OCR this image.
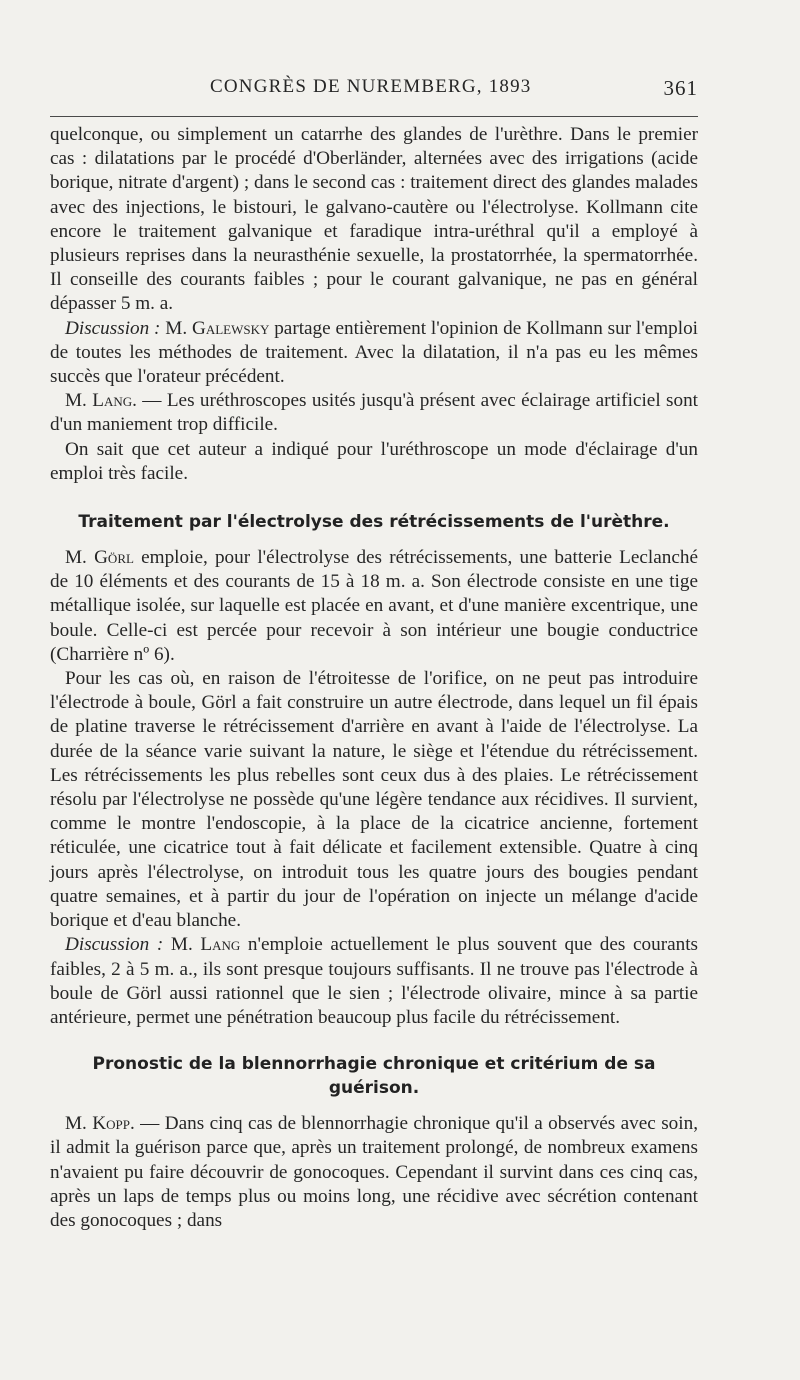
CONGRÈS DE NUREMBERG, 1893	361

quelconque, ou simplement un catarrhe des glandes de l'urèthre. Dans le premier cas : dilatations par le procédé d'Oberländer, alternées avec des irrigations (acide borique, nitrate d'argent) ; dans le second cas : traitement direct des glandes malades avec des injections, le bistouri, le galvano-cautère ou l'électrolyse. Kollmann cite encore le traitement galvanique et faradique intra-uréthral qu'il a employé à plusieurs reprises dans la neurasthénie sexuelle, la prostatorrhée, la spermatorrhée. Il conseille des courants faibles ; pour le courant galvanique, ne pas en général dépasser 5 m. a.

Discussion : M. Galewsky partage entièrement l'opinion de Kollmann sur l'emploi de toutes les méthodes de traitement. Avec la dilatation, il n'a pas eu les mêmes succès que l'orateur précédent.

M. Lang. — Les uréthroscopes usités jusqu'à présent avec éclairage artificiel sont d'un maniement trop difficile.

On sait que cet auteur a indiqué pour l'uréthroscope un mode d'éclairage d'un emploi très facile.

Traitement par l'électrolyse des rétrécissements de l'urèthre.

M. Görl emploie, pour l'électrolyse des rétrécissements, une batterie Leclanché de 10 éléments et des courants de 15 à 18 m. a. Son électrode consiste en une tige métallique isolée, sur laquelle est placée en avant, et d'une manière excentrique, une boule. Celle-ci est percée pour recevoir à son intérieur une bougie conductrice (Charrière nº 6).

Pour les cas où, en raison de l'étroitesse de l'orifice, on ne peut pas introduire l'électrode à boule, Görl a fait construire un autre électrode, dans lequel un fil épais de platine traverse le rétrécissement d'arrière en avant à l'aide de l'électrolyse. La durée de la séance varie suivant la nature, le siège et l'étendue du rétrécissement. Les rétrécissements les plus rebelles sont ceux dus à des plaies. Le rétrécissement résolu par l'électrolyse ne possède qu'une légère tendance aux récidives. Il survient, comme le montre l'endoscopie, à la place de la cicatrice ancienne, fortement réticulée, une cicatrice tout à fait délicate et facilement extensible. Quatre à cinq jours après l'électrolyse, on introduit tous les quatre jours des bougies pendant quatre semaines, et à partir du jour de l'opération on injecte un mélange d'acide borique et d'eau blanche.

Discussion : M. Lang n'emploie actuellement le plus souvent que des courants faibles, 2 à 5 m. a., ils sont presque toujours suffisants. Il ne trouve pas l'électrode à boule de Görl aussi rationnel que le sien ; l'électrode olivaire, mince à sa partie antérieure, permet une pénétration beaucoup plus facile du rétrécissement.

Pronostic de la blennorrhagie chronique et critérium de sa guérison.

M. Kopp. — Dans cinq cas de blennorrhagie chronique qu'il a observés avec soin, il admit la guérison parce que, après un traitement prolongé, de nombreux examens n'avaient pu faire découvrir de gonocoques. Cependant il survint dans ces cinq cas, après un laps de temps plus ou moins long, une récidive avec sécrétion contenant des gonocoques ; dans
